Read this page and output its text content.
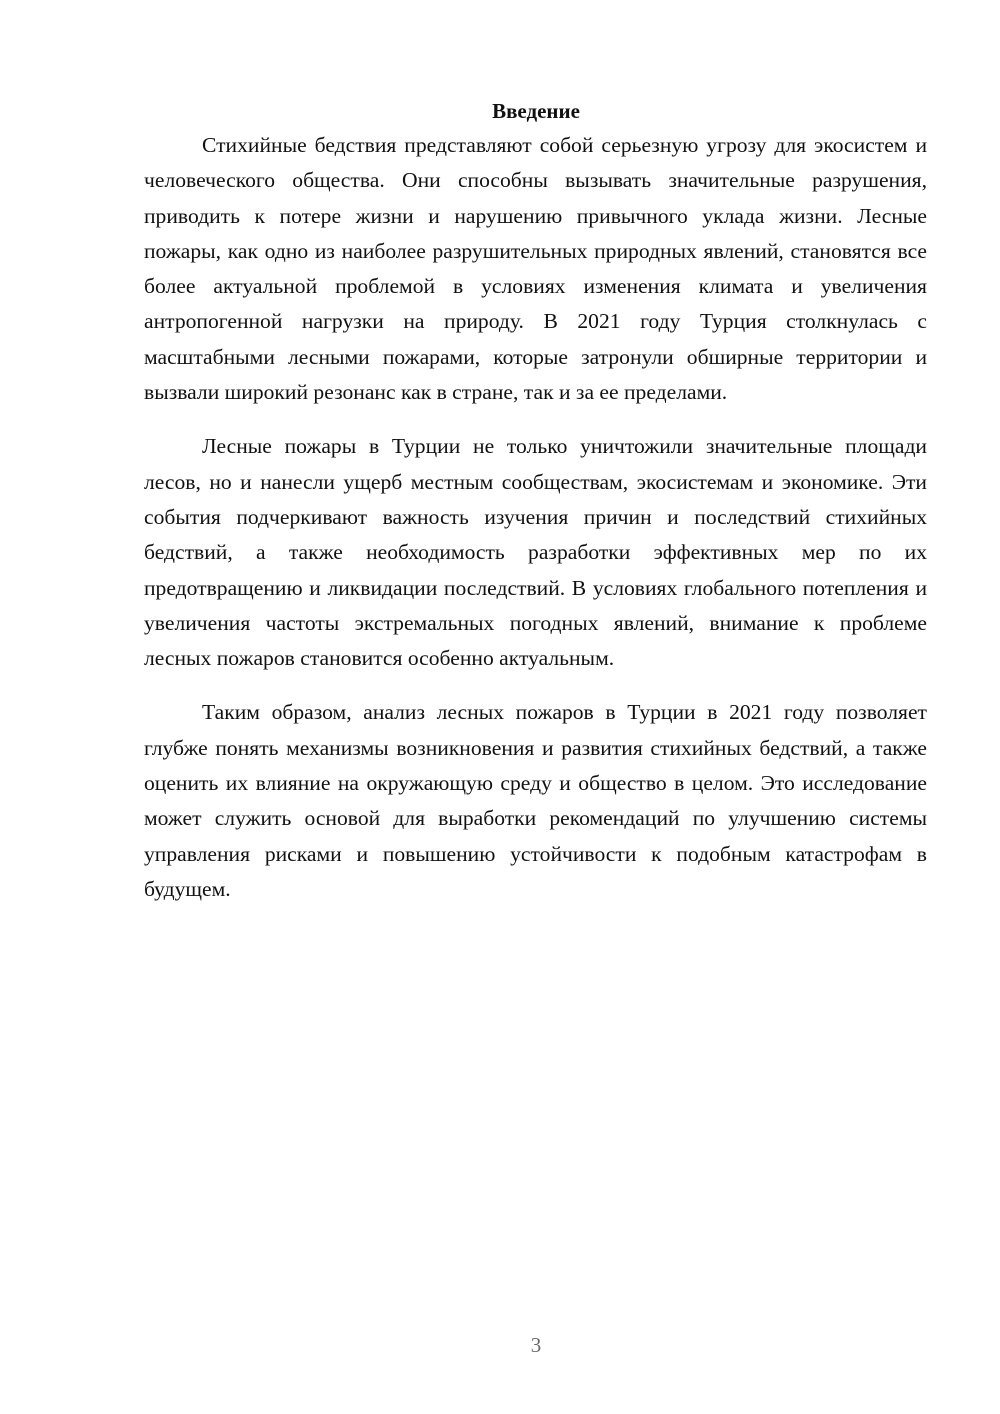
Введение

Стихийные бедствия представляют собой серьезную угрозу для экосистем и человеческого общества. Они способны вызывать значительные разрушения, приводить к потере жизни и нарушению привычного уклада жизни. Лесные пожары, как одно из наиболее разрушительных природных явлений, становятся все более актуальной проблемой в условиях изменения климата и увеличения антропогенной нагрузки на природу. В 2021 году Турция столкнулась с масштабными лесными пожарами, которые затронули обширные территории и вызвали широкий резонанс как в стране, так и за ее пределами.

Лесные пожары в Турции не только уничтожили значительные площади лесов, но и нанесли ущерб местным сообществам, экосистемам и экономике. Эти события подчеркивают важность изучения причин и последствий стихийных бедствий, а также необходимость разработки эффективных мер по их предотвращению и ликвидации последствий. В условиях глобального потепления и увеличения частоты экстремальных погодных явлений, внимание к проблеме лесных пожаров становится особенно актуальным.

Таким образом, анализ лесных пожаров в Турции в 2021 году позволяет глубже понять механизмы возникновения и развития стихийных бедствий, а также оценить их влияние на окружающую среду и общество в целом. Это исследование может служить основой для выработки рекомендаций по улучшению системы управления рисками и повышению устойчивости к подобным катастрофам в будущем.

3
